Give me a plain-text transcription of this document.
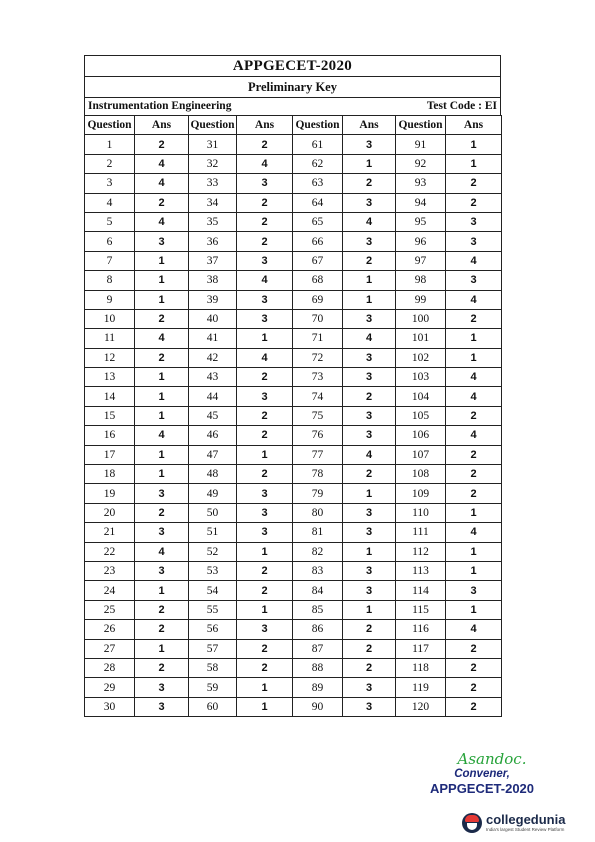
APPGECET-2020
Preliminary Key
Instrumentation Engineering	Test Code : EI
Question	Ans	Question	Ans	Question	Ans	Question	Ans
1	2	31	2	61	3	91	1
2	4	32	4	62	1	92	1
3	4	33	3	63	2	93	2
4	2	34	2	64	3	94	2
5	4	35	2	65	4	95	3
6	3	36	2	66	3	96	3
7	1	37	3	67	2	97	4
8	1	38	4	68	1	98	3
9	1	39	3	69	1	99	4
10	2	40	3	70	3	100	2
11	4	41	1	71	4	101	1
12	2	42	4	72	3	102	1
13	1	43	2	73	3	103	4
14	1	44	3	74	2	104	4
15	1	45	2	75	3	105	2
16	4	46	2	76	3	106	4
17	1	47	1	77	4	107	2
18	1	48	2	78	2	108	2
19	3	49	3	79	1	109	2
20	2	50	3	80	3	110	1
21	3	51	3	81	3	111	4
22	4	52	1	82	1	112	1
23	3	53	2	83	3	113	1
24	1	54	2	84	3	114	3
25	2	55	1	85	1	115	1
26	2	56	3	86	2	116	4
27	1	57	2	87	2	117	2
28	2	58	2	88	2	118	2
29	3	59	1	89	3	119	2
30	3	60	1	90	3	120	2
Asandoc.
Convener,
APPGECET-2020
collegedunia
India's largest Student Review Platform
